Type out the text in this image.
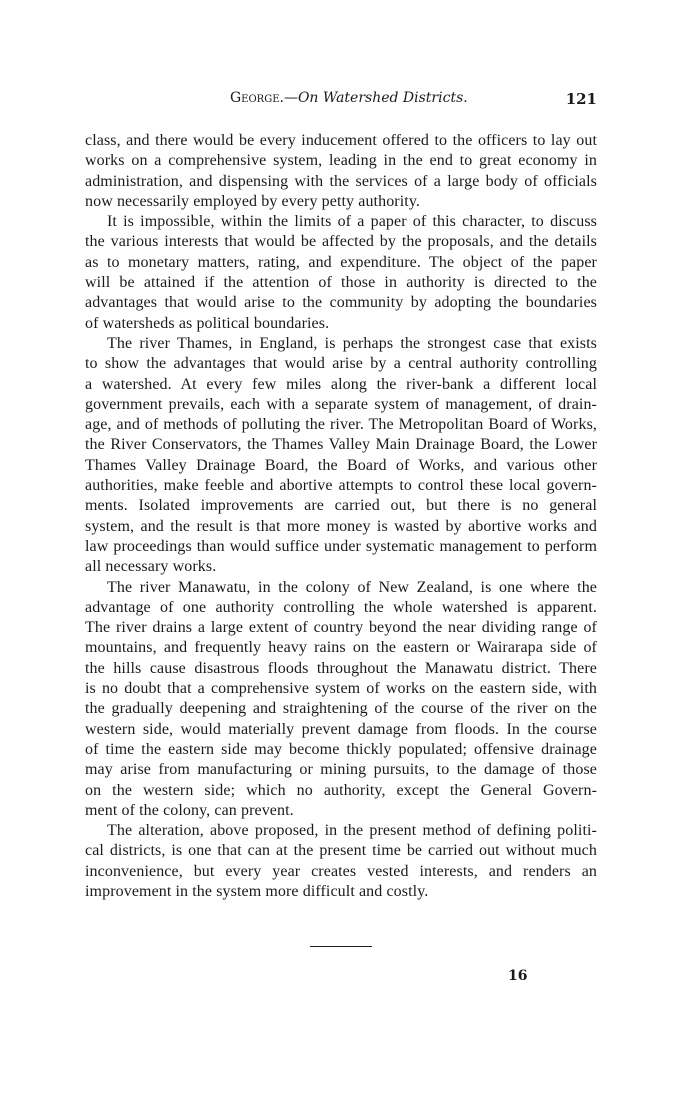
George.—On Watershed Districts.	121
class, and there would be every inducement offered to the officers to lay out
works on a comprehensive system, leading in the end to great economy in
administration, and dispensing with the services of a large body of officials
now necessarily employed by every petty authority.
It is impossible, within the limits of a paper of this character, to discuss
the various interests that would be affected by the proposals, and the details
as to monetary matters, rating, and expenditure. The object of the paper
will be attained if the attention of those in authority is directed to the
advantages that would arise to the community by adopting the boundaries
of watersheds as political boundaries.
The river Thames, in England, is perhaps the strongest case that exists
to show the advantages that would arise by a central authority controlling
a watershed. At every few miles along the river-bank a different local
government prevails, each with a separate system of management, of drain-
age, and of methods of polluting the river. The Metropolitan Board of Works,
the River Conservators, the Thames Valley Main Drainage Board, the Lower
Thames Valley Drainage Board, the Board of Works, and various other
authorities, make feeble and abortive attempts to control these local govern-
ments. Isolated improvements are carried out, but there is no general
system, and the result is that more money is wasted by abortive works and
law proceedings than would suffice under systematic management to perform
all necessary works.
The river Manawatu, in the colony of New Zealand, is one where the
advantage of one authority controlling the whole watershed is apparent.
The river drains a large extent of country beyond the near dividing range of
mountains, and frequently heavy rains on the eastern or Wairarapa side of
the hills cause disastrous floods throughout the Manawatu district. There
is no doubt that a comprehensive system of works on the eastern side, with
the gradually deepening and straightening of the course of the river on the
western side, would materially prevent damage from floods. In the course
of time the eastern side may become thickly populated; offensive drainage
may arise from manufacturing or mining pursuits, to the damage of those
on the western side; which no authority, except the General Govern-
ment of the colony, can prevent.
The alteration, above proposed, in the present method of defining politi-
cal districts, is one that can at the present time be carried out without much
inconvenience, but every year creates vested interests, and renders an
improvement in the system more difficult and costly.
16
